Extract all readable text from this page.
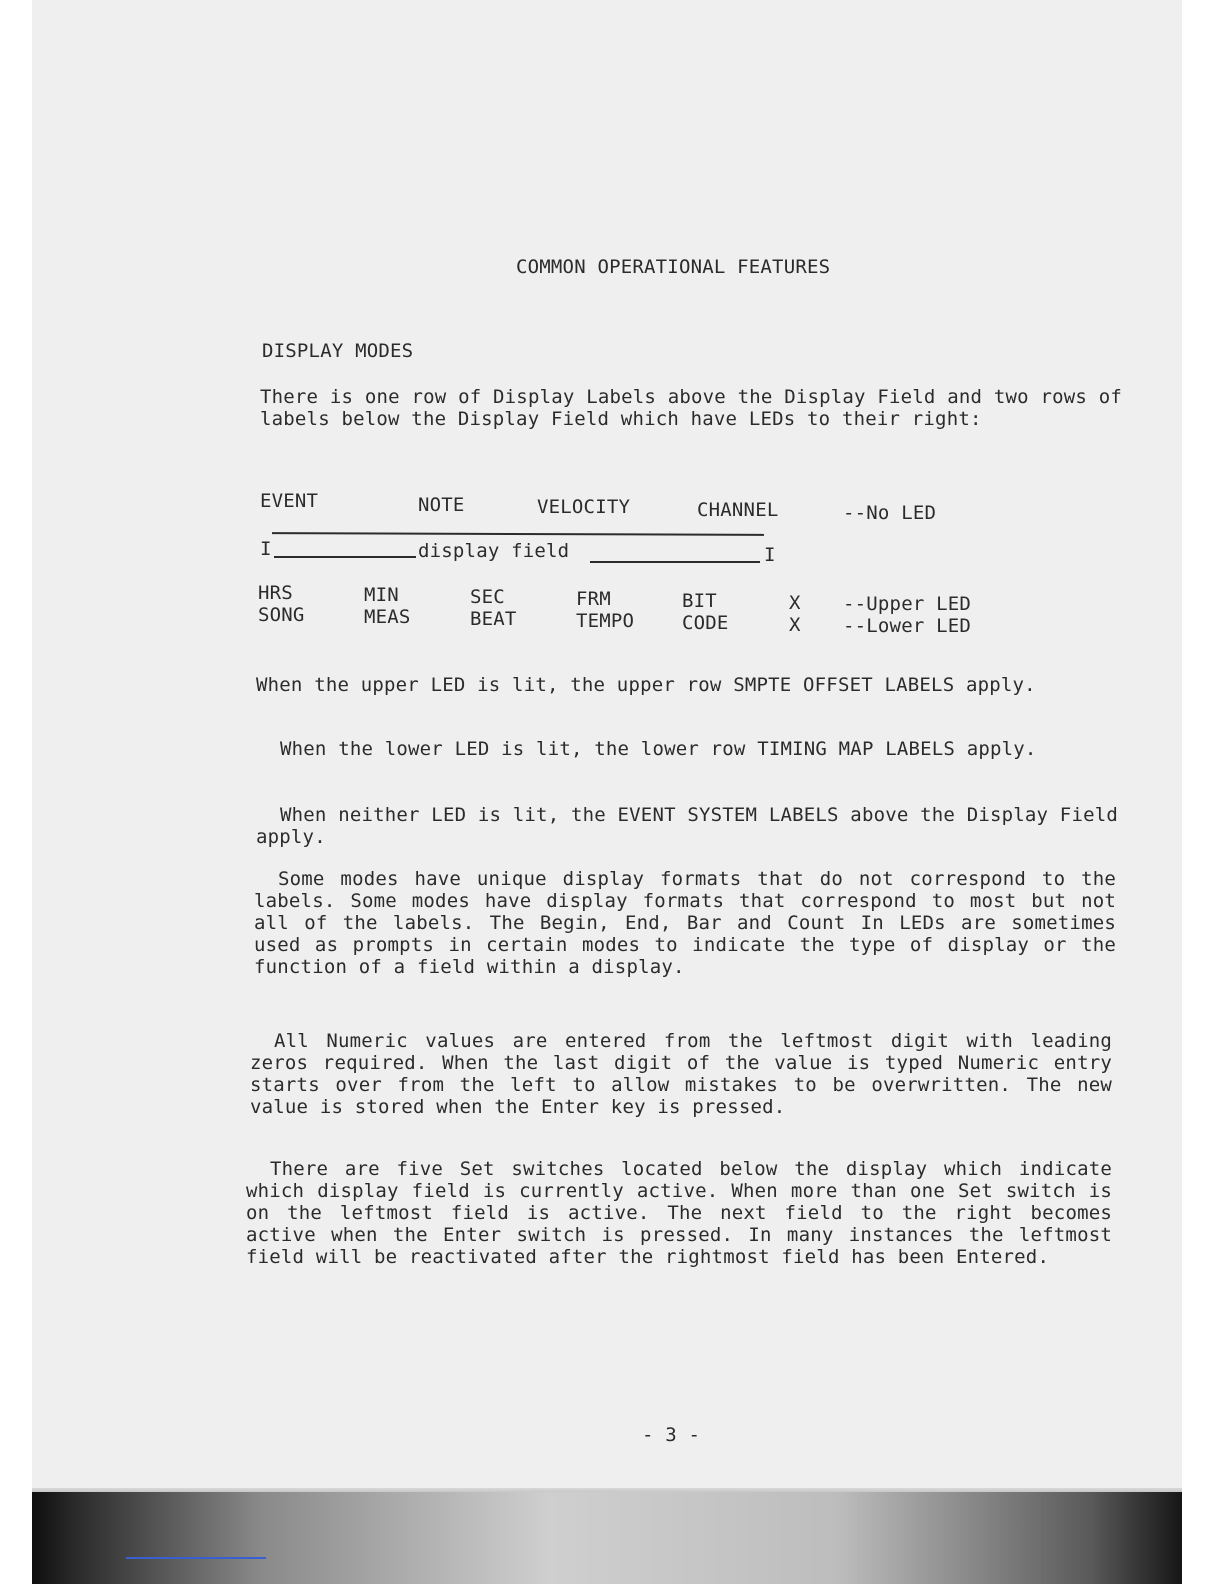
COMMON OPERATIONAL FEATURES
DISPLAY MODES

There is one row of Display Labels above the Display Field and two rows of labels below the Display Field which have LEDs to their right:

EVENT	NOTE	VELOCITY	CHANNEL	--No LED
I	display field	I
HRS	MIN	SEC	FRM	BIT	X --Upper LED
SONG	MEAS	BEAT	TEMPO	CODE	X --Lower LED

When the upper LED is lit, the upper row SMPTE OFFSET LABELS apply.

When the lower LED is lit, the lower row TIMING MAP LABELS apply.

When neither LED is lit, the EVENT SYSTEM LABELS above the Display Field apply.

Some modes have unique display formats that do not correspond to the labels. Some modes have display formats that correspond to most but not all of the labels. The Begin, End, Bar and Count In LEDs are sometimes used as prompts in certain modes to indicate the type of display or the function of a field within a display.

All Numeric values are entered from the leftmost digit with leading zeros required. When the last digit of the value is typed Numeric entry starts over from the left to allow mistakes to be overwritten. The new value is stored when the Enter key is pressed.

There are five Set switches located below the display which indicate which display field is currently active. When more than one Set switch is on the leftmost field is active. The next field to the right becomes active when the Enter switch is pressed. In many instances the leftmost field will be reactivated after the rightmost field has been Entered.

- 3 -
